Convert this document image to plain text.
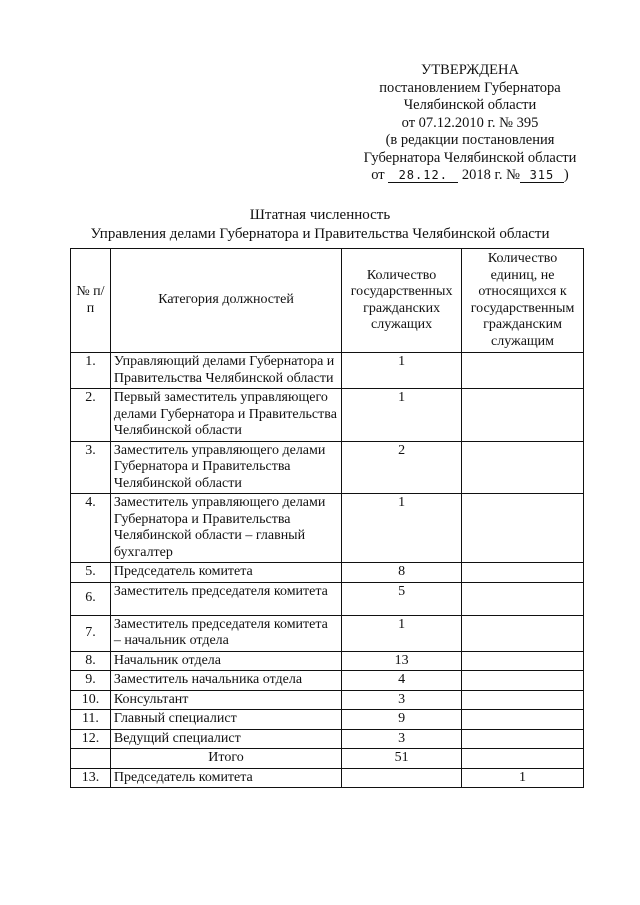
УТВЕРЖДЕНА
постановлением Губернатора
Челябинской области
от 07.12.2010 г. № 395
(в редакции постановления
Губернатора Челябинской области
от 28.12. 2018 г. № 315 )
Штатная численность
Управления делами Губернатора и Правительства Челябинской области
№ п/п	Категория должностей	Количество государственных гражданских служащих	Количество единиц, не относящихся к государственным гражданским служащим
1.	Управляющий делами Губернатора и Правительства Челябинской области	1	
2.	Первый заместитель управляющего делами Губернатора и Правительства Челябинской области	1	
3.	Заместитель управляющего делами Губернатора и Правительства Челябинской области	2	
4.	Заместитель управляющего делами Губернатора и Правительства Челябинской области – главный бухгалтер	1	
5.	Председатель комитета	8	
6.	Заместитель председателя комитета	5	
7.	Заместитель председателя комитета – начальник отдела	1	
8.	Начальник отдела	13	
9.	Заместитель начальника отдела	4	
10.	Консультант	3	
11.	Главный специалист	9	
12.	Ведущий специалист	3	
	Итого	51	
13.	Председатель комитета		1
